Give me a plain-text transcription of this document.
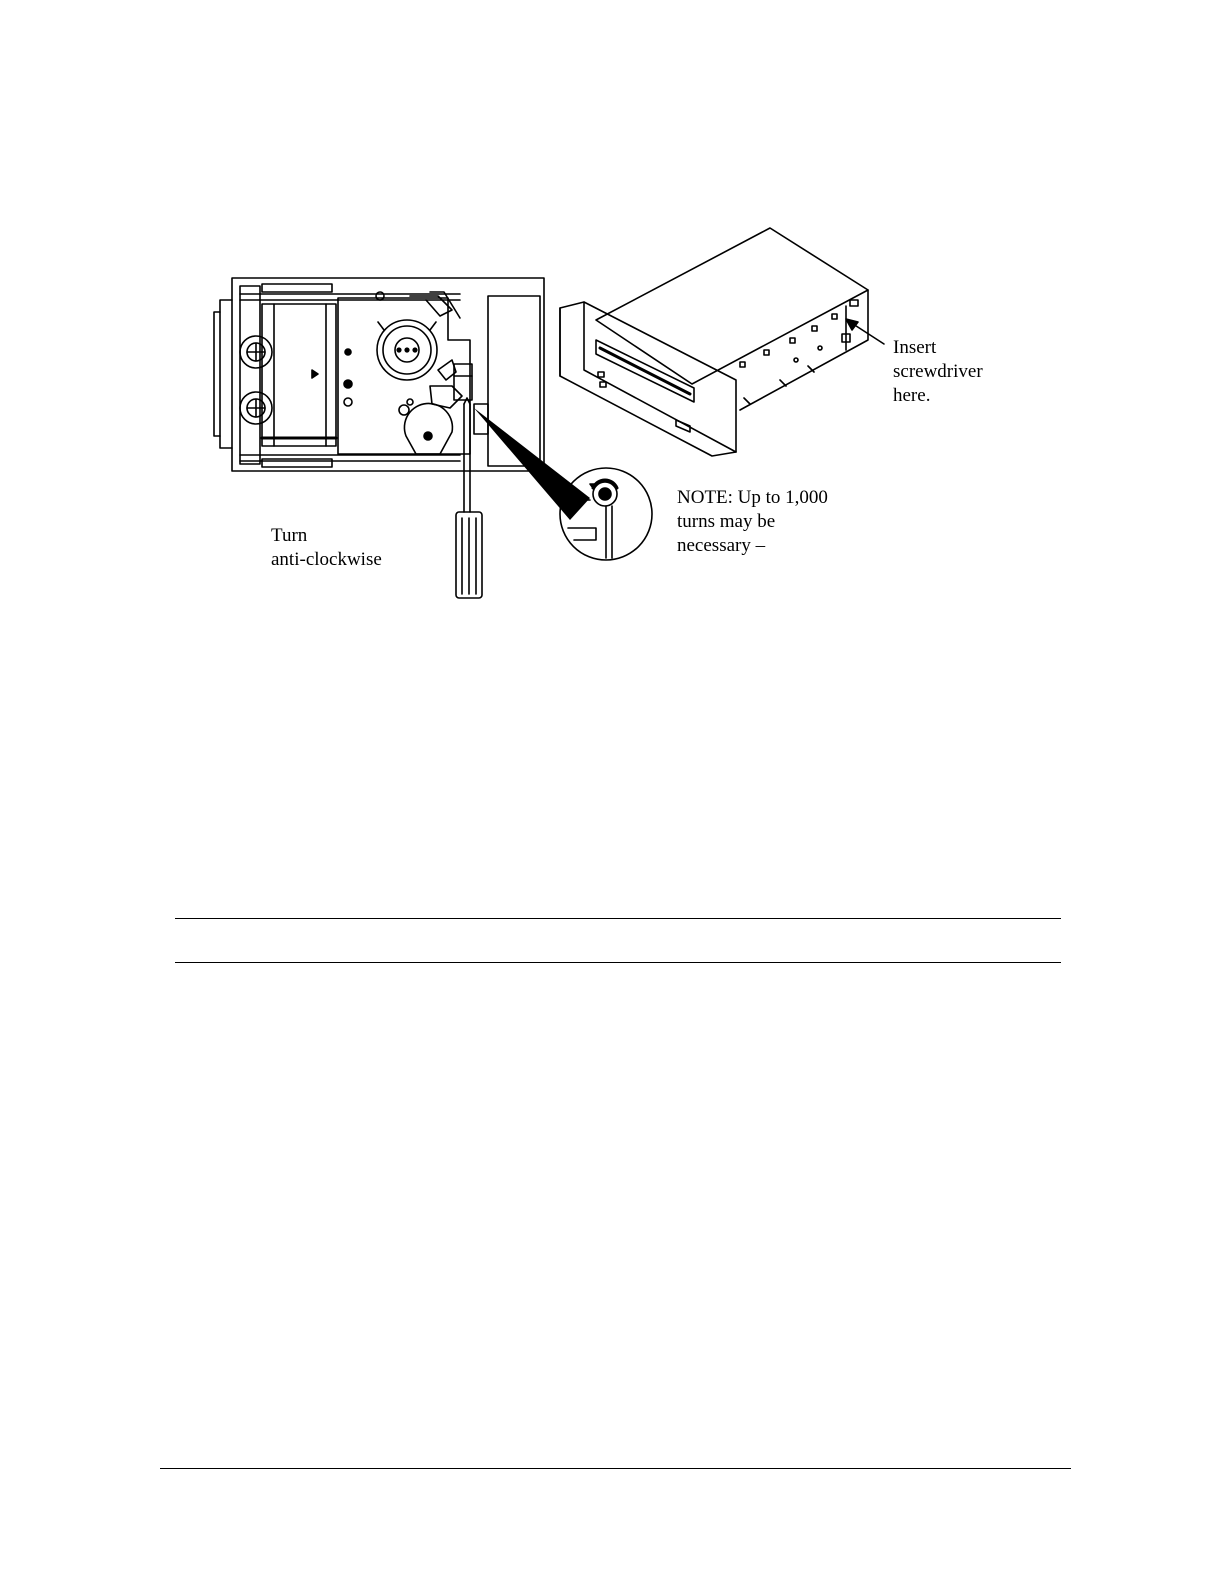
Insert
screwdriver
here.
Turn
anti-clockwise
NOTE: Up to 1,000
turns may be
necessary –
